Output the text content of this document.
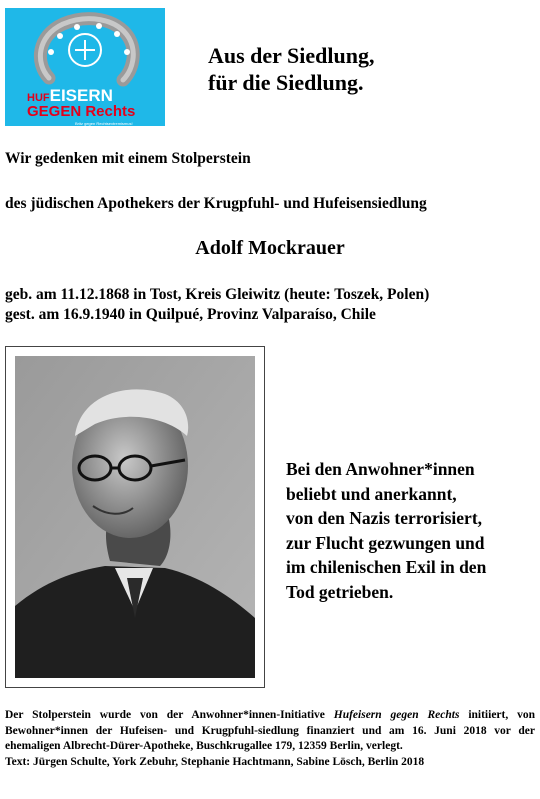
HUFEISERN
GEGEN Rechts
Britz gegen Rechtsextremismus!
Aus der Siedlung,
für die Siedlung.
Wir gedenken mit einem Stolperstein
des jüdischen Apothekers der Krugpfuhl- und Hufeisensiedlung
Adolf Mockrauer
geb. am 11.12.1868 in Tost, Kreis Gleiwitz (heute: Toszek, Polen)
gest. am 16.9.1940 in Quilpué, Provinz Valparaíso, Chile
Bei den Anwohner*innen
beliebt und anerkannt,
von den Nazis terrorisiert,
zur Flucht gezwungen und
im chilenischen Exil in den
Tod getrieben.
Der Stolperstein wurde von der Anwohner*innen-Initiative Hufeisern gegen Rechts initiiert, von Bewohner*innen der Hufeisen- und Krugpfuhl-siedlung finanziert und am 16. Juni 2018 vor der ehemaligen Albrecht-Dürer-Apotheke, Buschkrugallee 179, 12359 Berlin, verlegt.
Text: Jürgen Schulte, York Zebuhr, Stephanie Hachtmann, Sabine Lösch, Berlin 2018
